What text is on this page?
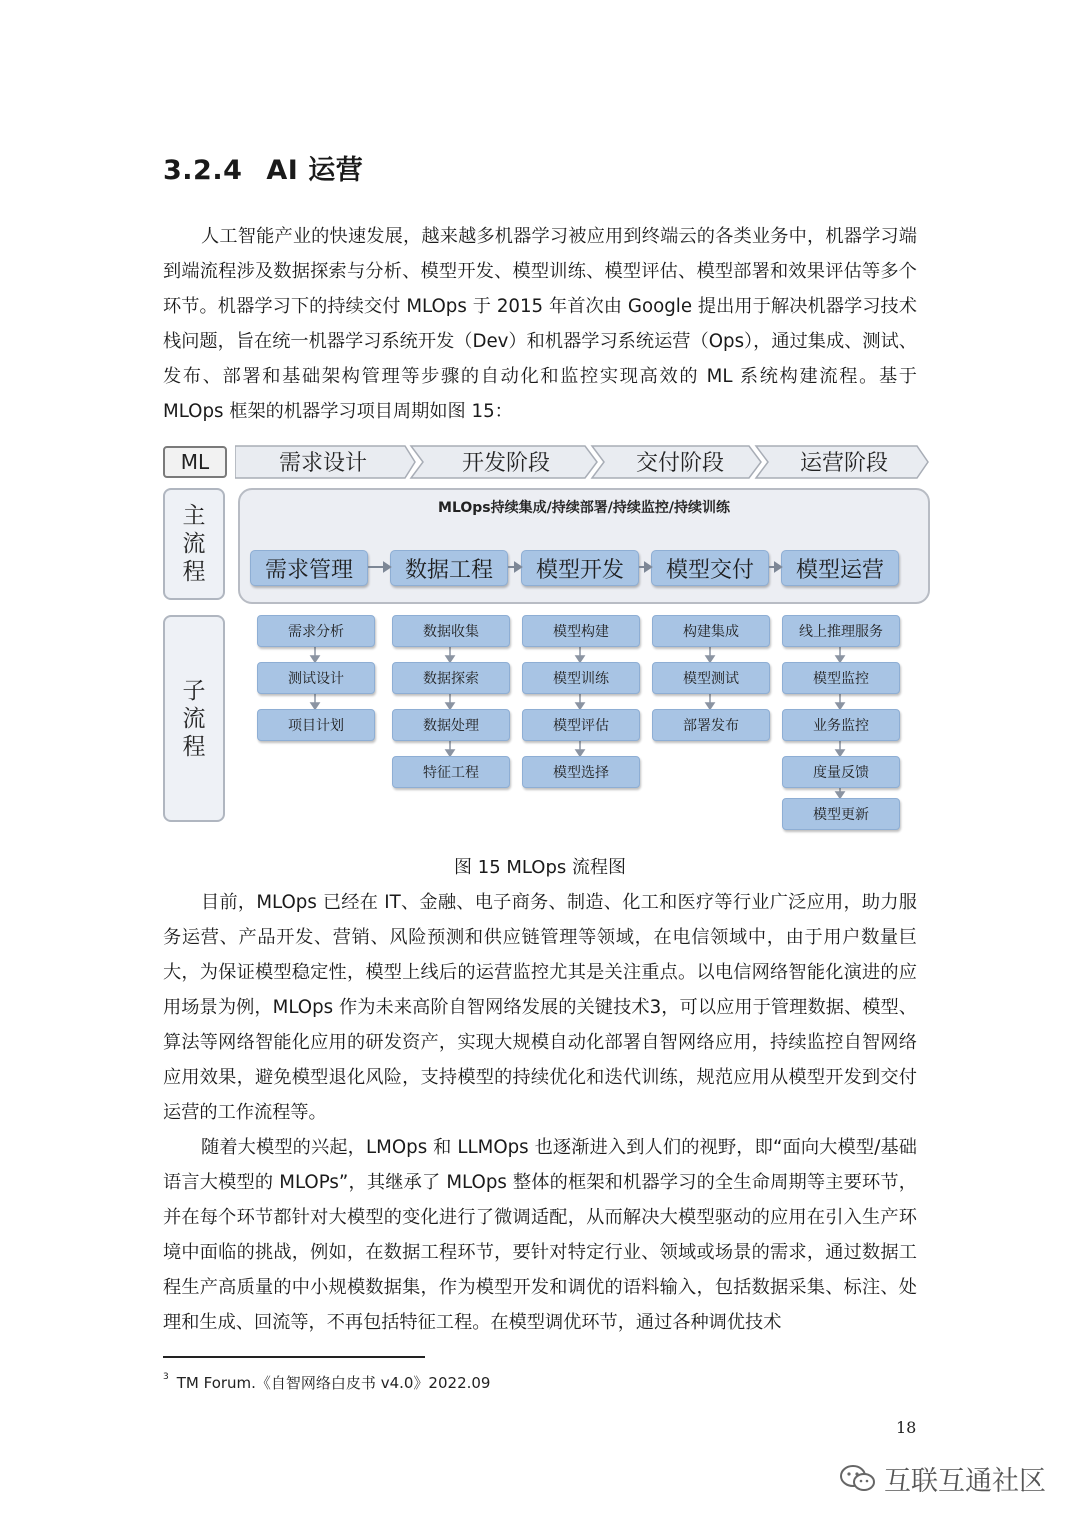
3.2.4 AI 运营

人工智能产业的快速发展，越来越多机器学习被应用到终端云的各类业务中，机器学习端到端流程涉及数据探索与分析、模型开发、模型训练、模型评估、模型部署和效果评估等多个环节。机器学习下的持续交付 MLOps 于 2015 年首次由 Google 提出用于解决机器学习技术栈问题，旨在统一机器学习系统开发（Dev）和机器学习系统运营（Ops），通过集成、测试、发布、部署和基础架构管理等步骤的自动化和监控实现高效的 ML 系统构建流程。基于 MLOps 框架的机器学习项目周期如图 15：

ML	需求设计	开发阶段	交付阶段	运营阶段
主流程
MLOps持续集成/持续部署/持续监控/持续训练
需求管理	数据工程	模型开发	模型交付	模型运营
子流程
需求分析
测试设计
项目计划
数据收集
数据探索
数据处理
特征工程
模型构建
模型训练
模型评估
模型选择
构建集成
模型测试
部署发布
线上推理服务
模型监控
业务监控
度量反馈
模型更新
图 15 MLOps 流程图

目前，MLOps 已经在 IT、金融、电子商务、制造、化工和医疗等行业广泛应用，助力服务运营、产品开发、营销、风险预测和供应链管理等领域，在电信领域中，由于用户数量巨大，为保证模型稳定性，模型上线后的运营监控尤其是关注重点。以电信网络智能化演进的应用场景为例，MLOps 作为未来高阶自智网络发展的关键技术3，可以应用于管理数据、模型、算法等网络智能化应用的研发资产，实现大规模自动化部署自智网络应用，持续监控自智网络应用效果，避免模型退化风险，支持模型的持续优化和迭代训练，规范应用从模型开发到交付运营的工作流程等。

随着大模型的兴起，LMOps 和 LLMOps 也逐渐进入到人们的视野，即“面向大模型/基础语言大模型的 MLOPs”，其继承了 MLOps 整体的框架和机器学习的全生命周期等主要环节，并在每个环节都针对大模型的变化进行了微调适配，从而解决大模型驱动的应用在引入生产环境中面临的挑战，例如，在数据工程环节，要针对特定行业、领域或场景的需求，通过数据工程生产高质量的中小规模数据集，作为模型开发和调优的语料输入，包括数据采集、标注、处理和生成、回流等，不再包括特征工程。在模型调优环节，通过各种调优技术

$^3$ TM Forum.《自智网络白皮书 v4.0》2022.09
18
互联互通社区
